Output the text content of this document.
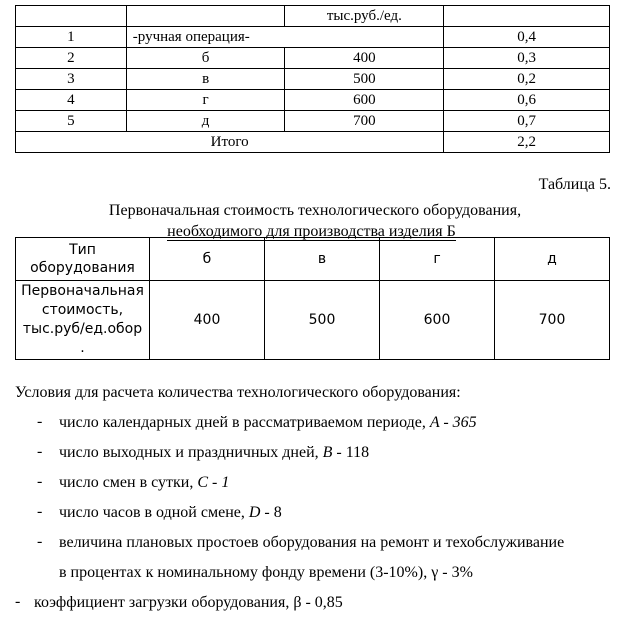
		тыс.руб./ед.	
1	-ручная операция-		0,4
2	б	400	0,3
3	в	500	0,2
4	г	600	0,6
5	д	700	0,7
Итого			2,2
Таблица 5.
Первоначальная стоимость технологического оборудования,
необходимого для производства изделия Б
Тип
оборудования	б	в	г	д

Первоначальная
стоимость,
тыс.руб/ед.обор
.	400	500	600	700
Условия для расчета количества технологического оборудования:
- число календарных дней в рассматриваемом периоде, A - 365
- число выходных и праздничных дней, B - 118
- число смен в сутки, C - 1
- число часов в одной смене, D - 8
- величина плановых простоев оборудования на ремонт и техобслуживание
в процентах к номинальному фонду времени (3-10%), γ - 3%
- коэффициент загрузки оборудования, β - 0,85
